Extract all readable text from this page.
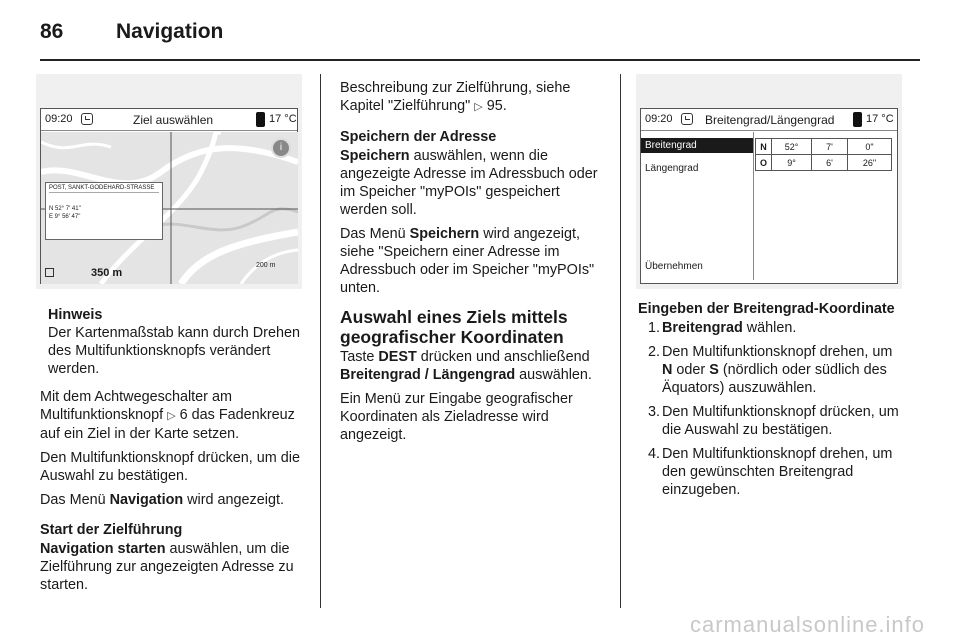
86	Navigation
09:20	Ziel auswählen	17 °C
i
POST, SANKT-GODEHARD-STRASSE
N 52° 7' 41"
E 9° 56' 47"
350 m
200 m
Hinweis
Der Kartenmaßstab kann durch Drehen des Multifunktionsknopfs verändert werden.

Mit dem Achtwegeschalter am Multifunktionsknopf ▷ 6 das Fadenkreuz auf ein Ziel in der Karte setzen.

Den Multifunktionsknopf drücken, um die Auswahl zu bestätigen.

Das Menü Navigation wird angezeigt.

Start der Zielführung

Navigation starten auswählen, um die Zielführung zur angezeigten Adresse zu starten.

Beschreibung zur Zielführung, siehe Kapitel "Zielführung" ▷ 95.

Speichern der Adresse

Speichern auswählen, wenn die angezeigte Adresse im Adressbuch oder im Speicher "myPOIs" gespeichert werden soll.

Das Menü Speichern wird angezeigt, siehe "Speichern einer Adresse im Adressbuch oder im Speicher "myPOIs" unten.

Auswahl eines Ziels mittels geografischer Koordinaten

Taste DEST drücken und anschließend Breitengrad / Längengrad auswählen.

Ein Menü zur Eingabe geografischer Koordinaten als Zieladresse wird angezeigt.

09:20	Breitengrad/Längengrad	17 °C
Breitengrad
Längengrad
Übernehmen
N	52°	7'	0"
O	9°	6'	26"
Eingeben der Breitengrad-Koordinate
1. Breitengrad wählen.
2. Den Multifunktionsknopf drehen, um N oder S (nördlich oder südlich des Äquators) auszuwählen.
3. Den Multifunktionsknopf drücken, um die Auswahl zu bestätigen.
4. Den Multifunktionsknopf drehen, um den gewünschten Breitengrad einzugeben.
carmanualsonline.info
